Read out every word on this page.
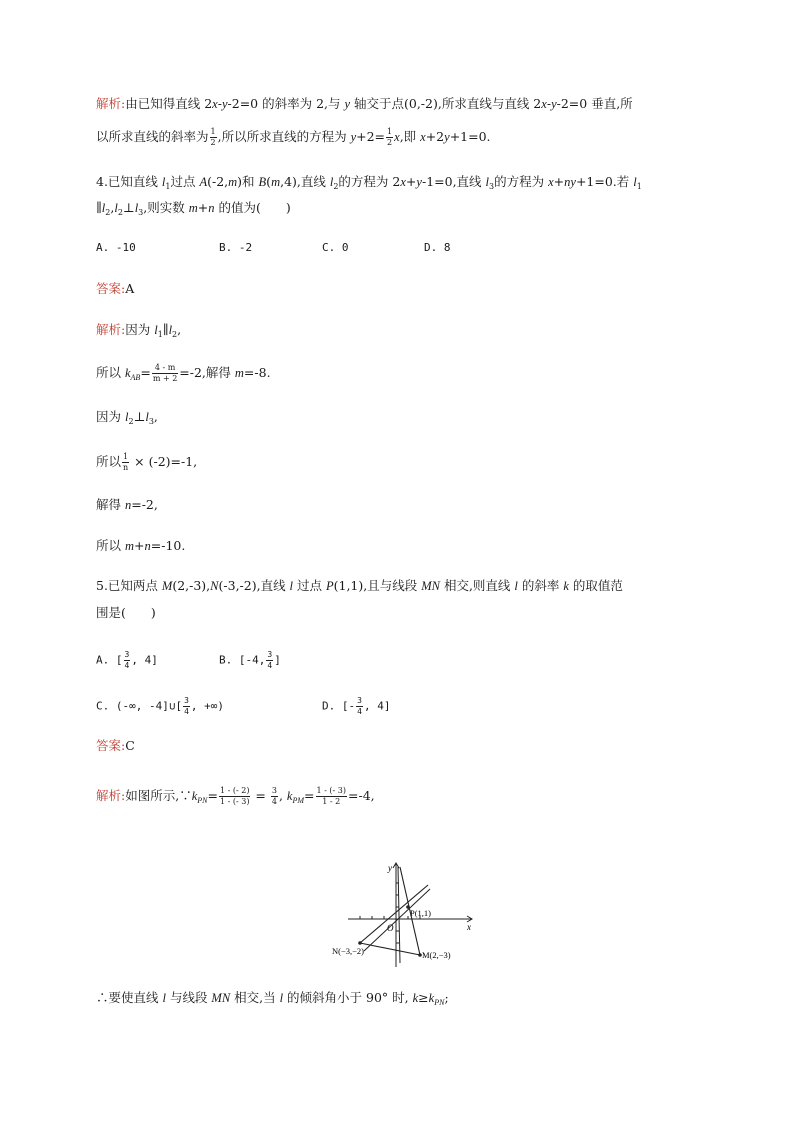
解析:由已知得直线 2x-y-2=0 的斜率为 2,与 y 轴交于点(0,-2),所求直线与直线 2x-y-2=0 垂直,所
以所求直线的斜率为 $\frac{1}{2}$ ,所以所求直线的方程为 $y+2= \frac{1}{2} x$,即 x+2y+1=0.
4.已知直线 $l_1$过点 A(-2,m)和 B(m,4),直线 $l_2$的方程为 2x+y-1=0,直线 $l_3$的方程为 x+ny+1=0.若 $l_1$
$\parallel l_2,l_2\perp l_3$,则实数 m+n 的值为(　　)
A. -10	B. -2	C. 0	D. 8
答案:A
解析:因为 $l_1\parallel l_2$,
所以 $k_{AB}= \frac{4 - m}{m + 2} =-2$,解得 m=-8.
因为 $l_2\perp l_3$,
所以 $\frac{1}{n} \times (-2)=-1$,
解得 n=-2,
所以 m+n=-10.
5.已知两点 M(2,-3),N(-3,-2),直线 l 过点 P(1,1),且与线段 MN 相交,则直线 l 的斜率 k 的取值范
围是(　　)
A. [ $\frac{3}{4}$ , 4]	B. [-4, $\frac{3}{4}$ ]
C. (-∞, -4]∪[ $\frac{3}{4}$ , +∞)	D. [- $\frac{3}{4}$ , 4]
答案:C
解析:如图所示$,\because k_{PN}= \frac{1 - (- 2)}{1 - (- 3)} = \frac{3}{4}$ , $k_{PM}= \frac{1 - (- 3)}{1 - 2} =-4$,
y
x
O
P(1,1)
N(−3,−2)	M(2,−3)
∴要使直线 l 与线段 MN 相交,当 l 的倾斜角小于 90° 时, $k\ge k_{PN}$;
